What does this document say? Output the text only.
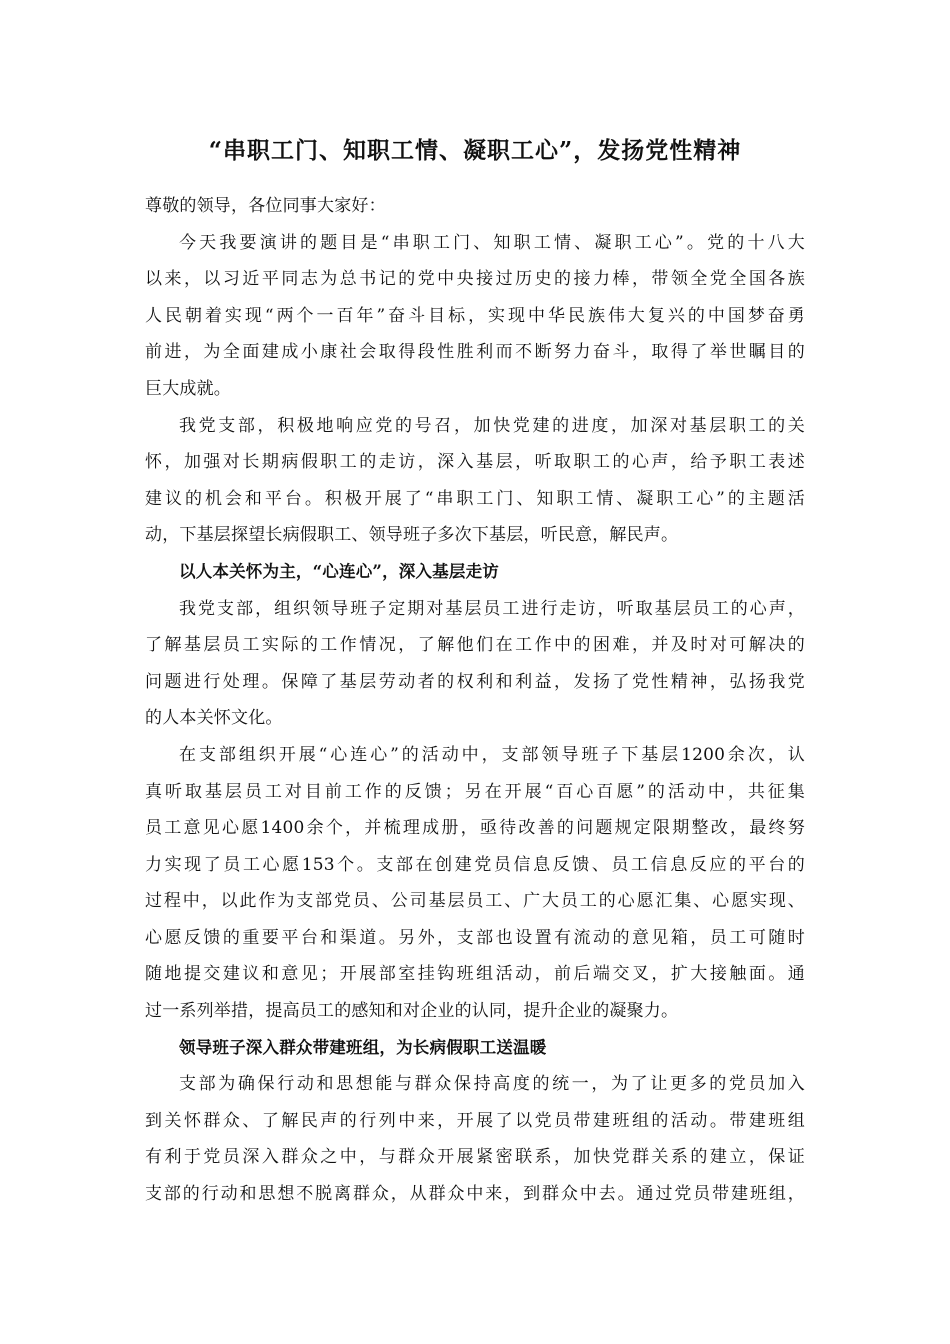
“串职工门、知职工情、凝职工心”，发扬党性精神
尊敬的领导，各位同事大家好：
今天我要演讲的题目是“串职工门、知职工情、凝职工心”。党的十八大
以来，以习近平同志为总书记的党中央接过历史的接力棒，带领全党全国各族
人民朝着实现“两个一百年”奋斗目标，实现中华民族伟大复兴的中国梦奋勇
前进，为全面建成小康社会取得段性胜利而不断努力奋斗，取得了举世瞩目的
巨大成就。
我党支部，积极地响应党的号召，加快党建的进度，加深对基层职工的关
怀，加强对长期病假职工的走访，深入基层，听取职工的心声，给予职工表述
建议的机会和平台。积极开展了“串职工门、知职工情、凝职工心”的主题活
动，下基层探望长病假职工、领导班子多次下基层，听民意，解民声。
以人本关怀为主，“心连心”，深入基层走访
我党支部，组织领导班子定期对基层员工进行走访，听取基层员工的心声，
了解基层员工实际的工作情况，了解他们在工作中的困难，并及时对可解决的
问题进行处理。保障了基层劳动者的权利和利益，发扬了党性精神，弘扬我党
的人本关怀文化。
在支部组织开展“心连心”的活动中，支部领导班子下基层1200余次，认
真听取基层员工对目前工作的反馈；另在开展“百心百愿”的活动中，共征集
员工意见心愿1400余个，并梳理成册，亟待改善的问题规定限期整改，最终努
力实现了员工心愿153个。支部在创建党员信息反馈、员工信息反应的平台的
过程中，以此作为支部党员、公司基层员工、广大员工的心愿汇集、心愿实现、
心愿反馈的重要平台和渠道。另外，支部也设置有流动的意见箱，员工可随时
随地提交建议和意见；开展部室挂钩班组活动，前后端交叉，扩大接触面。通
过一系列举措，提高员工的感知和对企业的认同，提升企业的凝聚力。
领导班子深入群众带建班组，为长病假职工送温暖
支部为确保行动和思想能与群众保持高度的统一，为了让更多的党员加入
到关怀群众、了解民声的行列中来，开展了以党员带建班组的活动。带建班组
有利于党员深入群众之中，与群众开展紧密联系，加快党群关系的建立，保证
支部的行动和思想不脱离群众，从群众中来，到群众中去。通过党员带建班组，
